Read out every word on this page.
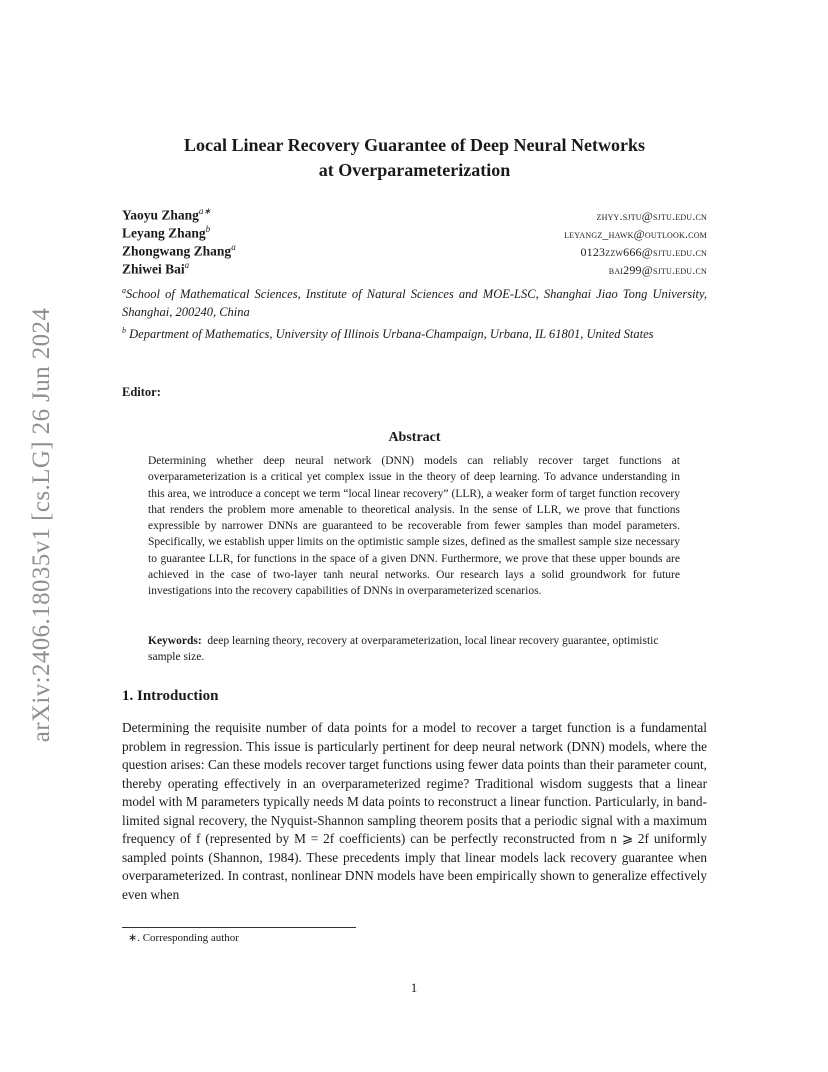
arXiv:2406.18035v1 [cs.LG] 26 Jun 2024
Local Linear Recovery Guarantee of Deep Neural Networks
at Overparameterization
Yaoyu Zhang$^{a∗}$	zhyy.sjtu@sjtu.edu.cn
Leyang Zhang$^b$	leyangz_hawk@outlook.com
Zhongwang Zhang$^a$	0123zzw666@sjtu.edu.cn
Zhiwei Bai$^a$	bai299@sjtu.edu.cn
$^a$School of Mathematical Sciences, Institute of Natural Sciences and MOE-LSC, Shanghai Jiao Tong University, Shanghai, 200240, China
$^b$ Department of Mathematics, University of Illinois Urbana-Champaign, Urbana, IL 61801, United States
Editor:
Abstract
Determining whether deep neural network (DNN) models can reliably recover target functions at overparameterization is a critical yet complex issue in the theory of deep learning. To advance understanding in this area, we introduce a concept we term “local linear recovery” (LLR), a weaker form of target function recovery that renders the problem more amenable to theoretical analysis. In the sense of LLR, we prove that functions expressible by narrower DNNs are guaranteed to be recoverable from fewer samples than model parameters. Specifically, we establish upper limits on the optimistic sample sizes, defined as the smallest sample size necessary to guarantee LLR, for functions in the space of a given DNN. Furthermore, we prove that these upper bounds are achieved in the case of two-layer tanh neural networks. Our research lays a solid groundwork for future investigations into the recovery capabilities of DNNs in overparameterized scenarios.
Keywords: deep learning theory, recovery at overparameterization, local linear recovery guarantee, optimistic sample size.
1. Introduction
Determining the requisite number of data points for a model to recover a target function is a fundamental problem in regression. This issue is particularly pertinent for deep neural network (DNN) models, where the question arises: Can these models recover target functions using fewer data points than their parameter count, thereby operating effectively in an overparameterized regime? Traditional wisdom suggests that a linear model with M parameters typically needs M data points to reconstruct a linear function. Particularly, in band-limited signal recovery, the Nyquist-Shannon sampling theorem posits that a periodic signal with a maximum frequency of f (represented by M = 2f coefficients) can be perfectly reconstructed from n ⩾ 2f uniformly sampled points (Shannon, 1984). These precedents imply that linear models lack recovery guarantee when overparameterized. In contrast, nonlinear DNN models have been empirically shown to generalize effectively even when
∗. Corresponding author
1
